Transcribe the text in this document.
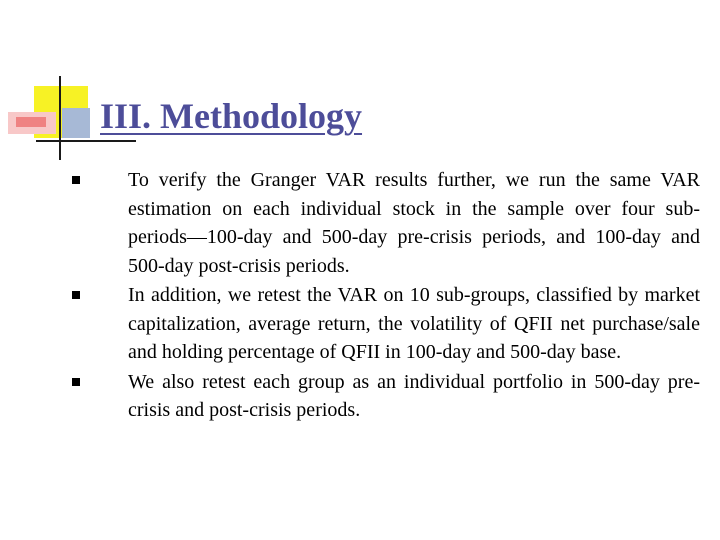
III. Methodology
To verify the Granger VAR results further, we run the same VAR estimation on each individual stock in the sample over four sub-periods—100-day and 500-day pre-crisis periods, and 100-day and 500-day post-crisis periods.
In addition, we retest the VAR on 10 sub-groups, classified by market capitalization, average return, the volatility of QFII net purchase/sale and holding percentage of QFII in 100-day and 500-day base.
We also retest each group as an individual portfolio in 500-day pre-crisis and post-crisis periods.
